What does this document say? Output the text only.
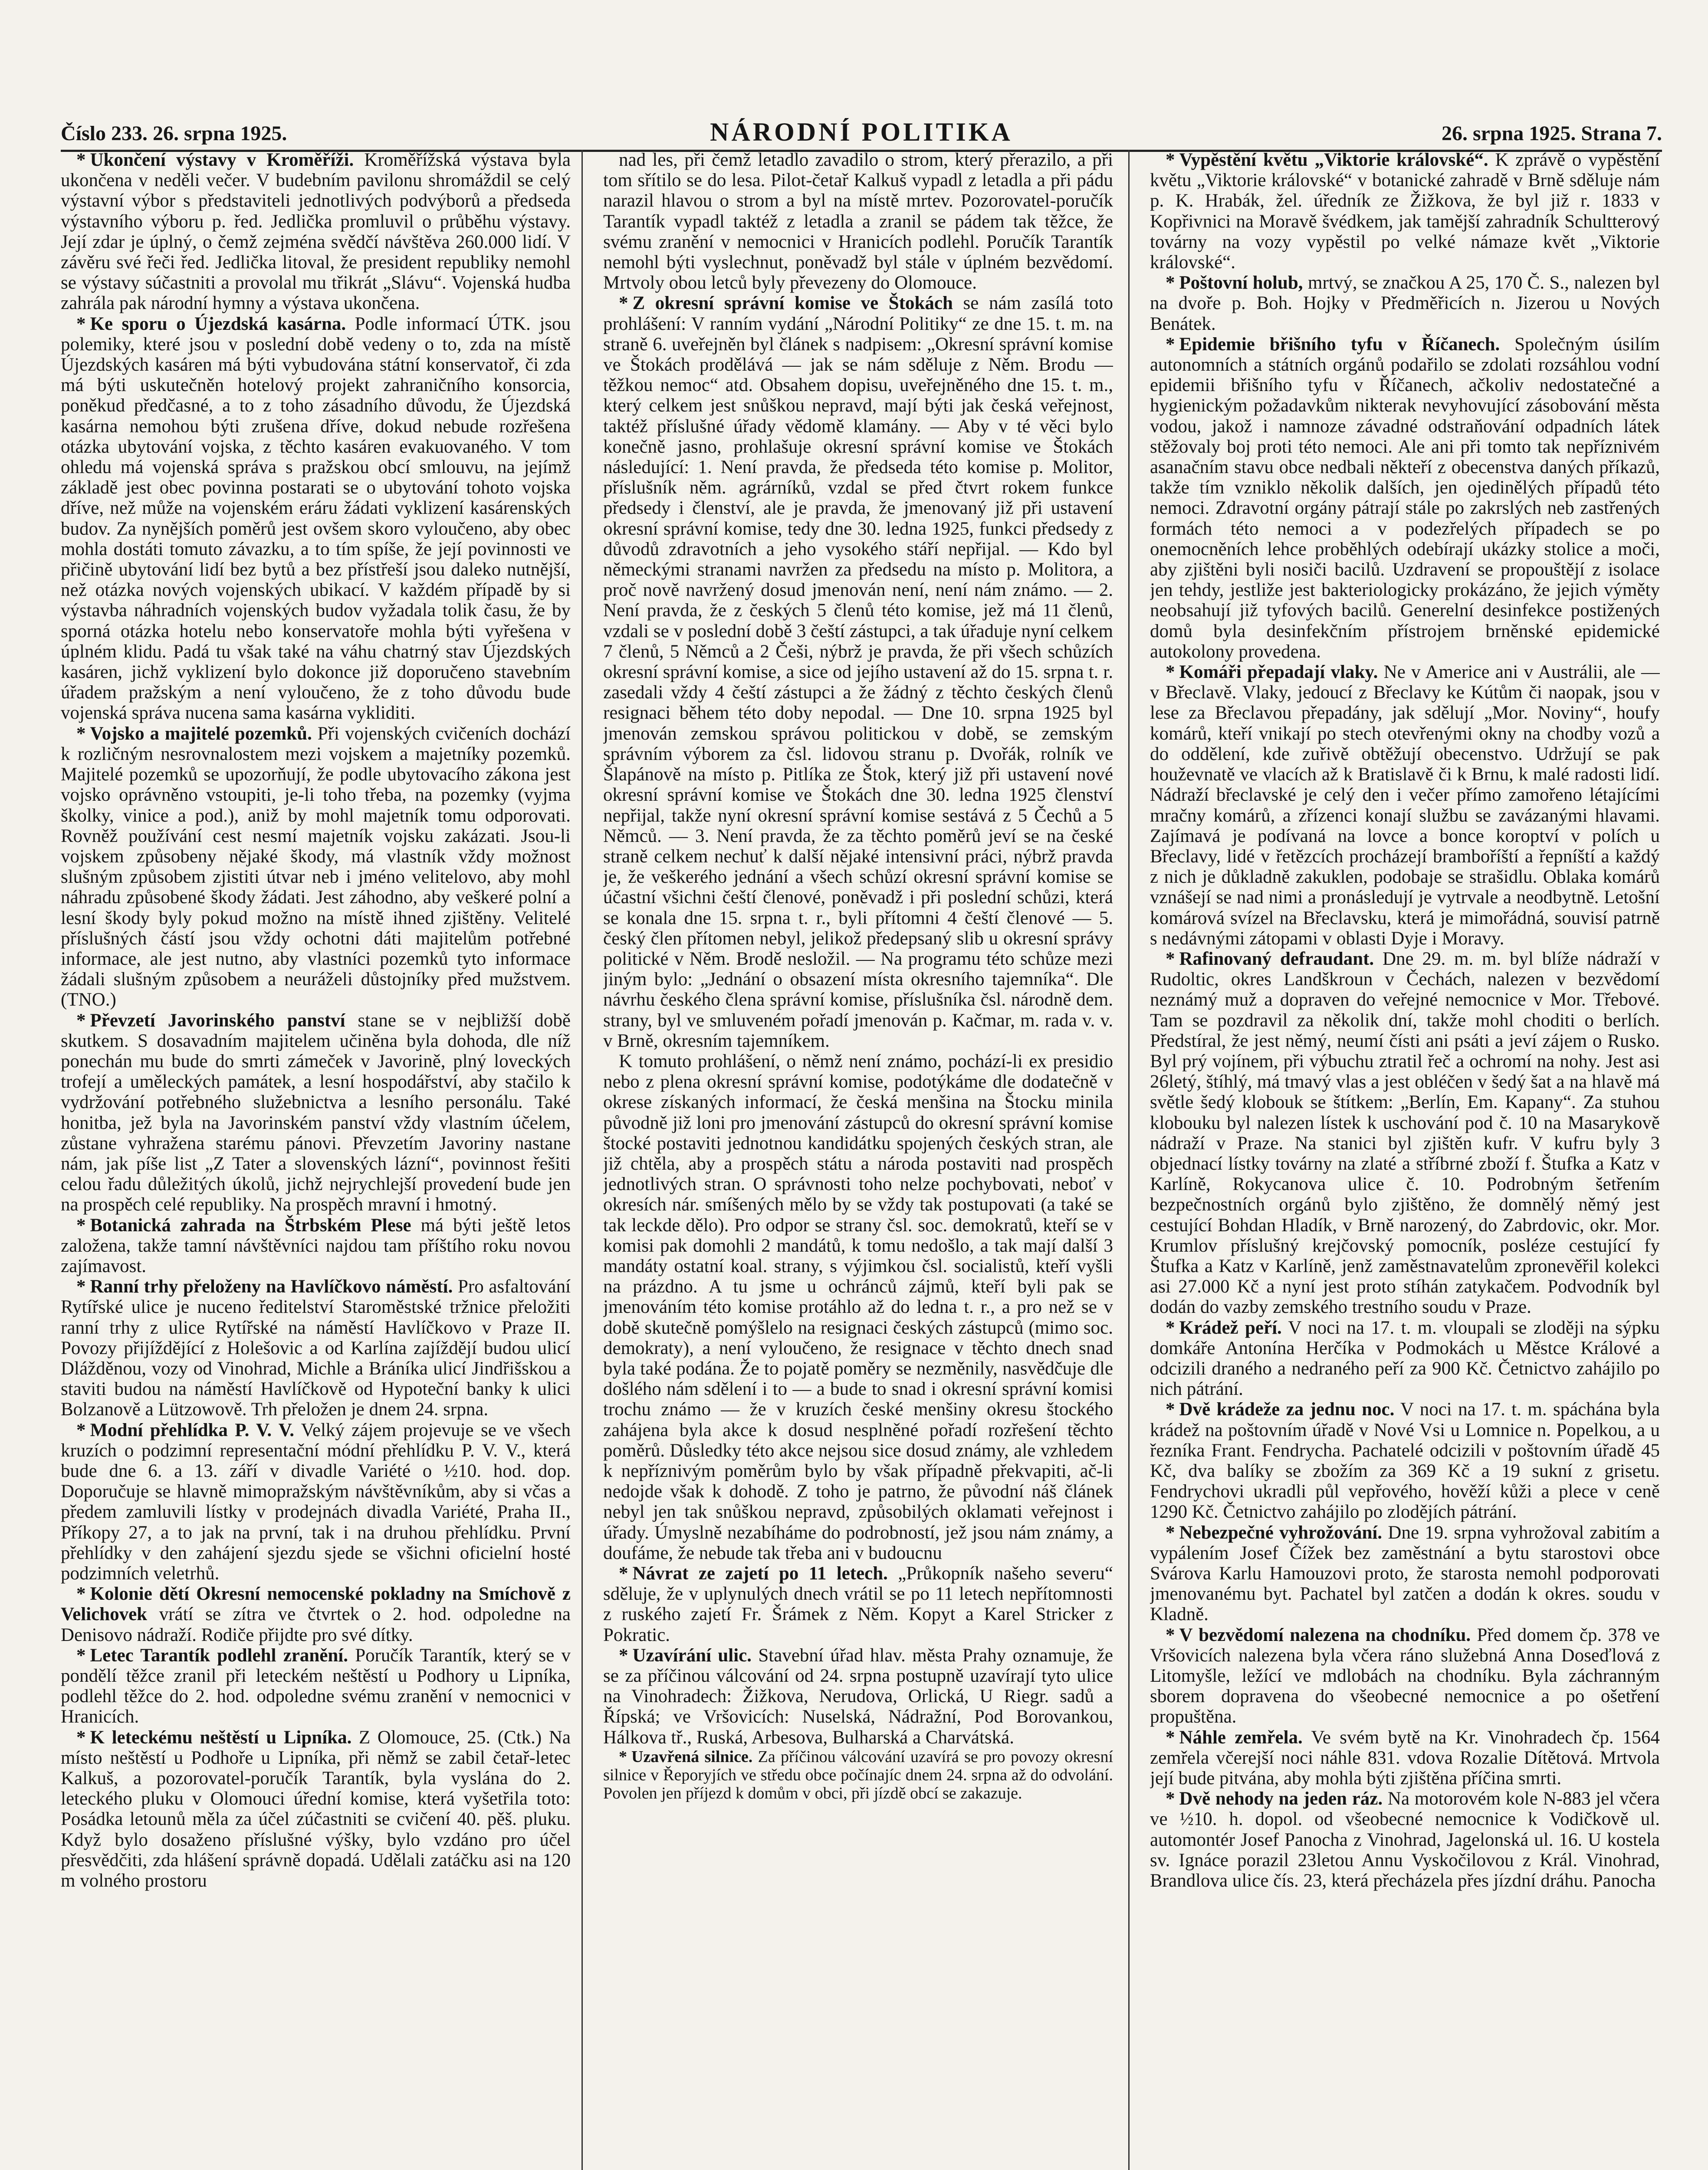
Číslo 233. 26. srpna 1925.	NÁRODNÍ POLITIKA	26. srpna 1925. Strana 7.

* Ukončení výstavy v Kroměříži. Kroměřížská výstava byla ukončena v neděli večer. V budebním pavilonu shromáždil se celý výstavní výbor s představiteli jednotlivých podvýborů a předseda výstavního výboru p. řed. Jedlička promluvil o průběhu výstavy. Její zdar je úplný, o čemž zejména svědčí návštěva 260.000 lidí. V závěru své řeči řed. Jedlička litoval, že president republiky nemohl se výstavy súčastniti a provolal mu třikrát „Slávu“. Vojenská hudba zahrála pak národní hymny a výstava ukončena.

* Ke sporu o Újezdská kasárna. Podle informací ÚTK. jsou polemiky, které jsou v poslední době vedeny o to, zda na místě Újezdských kasáren má býti vybudována státní konservatoř, či zda má býti uskutečněn hotelový projekt zahraničního konsorcia, poněkud předčasné, a to z toho zásadního důvodu, že Újezdská kasárna nemohou býti zrušena dříve, dokud nebude rozřešena otázka ubytování vojska, z těchto kasáren evakuovaného. V tom ohledu má vojenská správa s pražskou obcí smlouvu, na jejímž základě jest obec povinna postarati se o ubytování tohoto vojska dříve, než může na vojenském eráru žádati vyklizení kasárenských budov. Za nynějších poměrů jest ovšem skoro vyloučeno, aby obec mohla dostáti tomuto závazku, a to tím spíše, že její povinnosti ve přičině ubytování lidí bez bytů a bez přístřeší jsou daleko nutnější, než otázka nových vojenských ubikací. V každém případě by si výstavba náhradních vojenských budov vyžadala tolik času, že by sporná otázka hotelu nebo konservatoře mohla býti vyřešena v úplném klidu. Padá tu však také na váhu chatrný stav Újezdských kasáren, jichž vyklizení bylo dokonce již doporučeno stavebním úřadem pražským a není vyloučeno, že z toho důvodu bude vojenská správa nucena sama kasárna vykliditi.

* Vojsko a majitelé pozemků. Při vojenských cvičeních dochází k rozličným nesrovnalostem mezi vojskem a majetníky pozemků. Majitelé pozemků se upozorňují, že podle ubytovacího zákona jest vojsko oprávněno vstoupiti, je-li toho třeba, na pozemky (vyjma školky, vinice a pod.), aniž by mohl majetník tomu odporovati. Rovněž používání cest nesmí majetník vojsku zakázati. Jsou-li vojskem způsobeny nějaké škody, má vlastník vždy možnost slušným způsobem zjistiti útvar neb i jméno velitelovo, aby mohl náhradu způsobené škody žádati. Jest záhodno, aby veškeré polní a lesní škody byly pokud možno na místě ihned zjištěny. Velitelé příslušných částí jsou vždy ochotni dáti majitelům potřebné informace, ale jest nutno, aby vlastníci pozemků tyto informace žádali slušným způsobem a neuráželi důstojníky před mužstvem. (TNO.)

* Převzetí Javorinského panství stane se v nejbližší době skutkem. S dosavadním majitelem učiněna byla dohoda, dle níž ponechán mu bude do smrti zámeček v Javorině, plný loveckých trofejí a uměleckých památek, a lesní hospodářství, aby stačilo k vydržování potřebného služebnictva a lesního personálu. Také honitba, jež byla na Javorinském panství vždy vlastním účelem, zůstane vyhražena starému pánovi. Převzetím Javoriny nastane nám, jak píše list „Z Tater a slovenských lázní“, povinnost řešiti celou řadu důležitých úkolů, jichž nejrychlejší provedení bude jen na prospěch celé republiky. Na prospěch mravní i hmotný.

* Botanická zahrada na Štrbském Plese má býti ještě letos založena, takže tamní návštěvníci najdou tam příštího roku novou zajímavost.

* Ranní trhy přeloženy na Havlíčkovo náměstí. Pro asfaltování Rytířské ulice je nuceno ředitelství Staroměstské tržnice přeložiti ranní trhy z ulice Rytířské na náměstí Havlíčkovo v Praze II. Povozy přijíždějící z Holešovic a od Karlína zajíždějí budou ulicí Dlážděnou, vozy od Vinohrad, Michle a Bráníka ulicí Jindřišskou a staviti budou na náměstí Havlíčkově od Hypoteční banky k ulici Bolzanově a Lützowově. Trh přeložen je dnem 24. srpna.

* Modní přehlídka P. V. V. Velký zájem projevuje se ve všech kruzích o podzimní representační módní přehlídku P. V. V., která bude dne 6. a 13. září v divadle Variété o ½10. hod. dop. Doporučuje se hlavně mimopražským návštěvníkům, aby si včas a předem zamluvili lístky v prodejnách divadla Variété, Praha II., Příkopy 27, a to jak na první, tak i na druhou přehlídku. První přehlídky v den zahájení sjezdu sjede se všichni oficielní hosté podzimních veletrhů.

* Kolonie dětí Okresní nemocenské pokladny na Smíchově z Velichovek vrátí se zítra ve čtvrtek o 2. hod. odpoledne na Denisovo nádraží. Rodiče přijdte pro své dítky.

* Letec Tarantík podlehl zranění. Poručík Tarantík, který se v pondělí těžce zranil při leteckém neštěstí u Podhory u Lipníka, podlehl těžce do 2. hod. odpoledne svému zranění v nemocnici v Hranicích.

* K leteckému neštěstí u Lipníka. Z Olomouce, 25. (Ctk.) Na místo neštěstí u Podhoře u Lipníka, při němž se zabil četař-letec Kalkuš, a pozorovatel-poručík Tarantík, byla vyslána do 2. leteckého pluku v Olomouci úřední komise, která vyšetřila toto: Posádka letounů měla za účel zúčastniti se cvičení 40. pěš. pluku. Když bylo dosaženo příslušné výšky, bylo vzdáno pro účel přesvědčiti, zda hlášení správně dopadá. Udělali zatáčku asi na 120 m volného prostoru

nad les, při čemž letadlo zavadilo o strom, který přerazilo, a při tom sřítilo se do lesa. Pilot-četař Kalkuš vypadl z letadla a při pádu narazil hlavou o strom a byl na místě mrtev. Pozorovatel-poručík Tarantík vypadl taktéž z letadla a zranil se pádem tak těžce, že svému zranění v nemocnici v Hranicích podlehl. Poručík Tarantík nemohl býti vyslechnut, poněvadž byl stále v úplném bezvědomí. Mrtvoly obou letců byly převezeny do Olomouce.

* Z okresní správní komise ve Štokách se nám zasílá toto prohlášení: V ranním vydání „Národní Politiky“ ze dne 15. t. m. na straně 6. uveřejněn byl článek s nadpisem: „Okresní správní komise ve Štokách prodělává — jak se nám sděluje z Něm. Brodu — těžkou nemoc“ atd. Obsahem dopisu, uveřejněného dne 15. t. m., který celkem jest snůškou nepravd, mají býti jak česká veřejnost, taktéž příslušné úřady vědomě klamány. — Aby v té věci bylo konečně jasno, prohlašuje okresní správní komise ve Štokách následující: 1. Není pravda, že předseda této komise p. Molitor, příslušník něm. agrárníků, vzdal se před čtvrt rokem funkce předsedy i členství, ale je pravda, že jmenovaný již při ustavení okresní správní komise, tedy dne 30. ledna 1925, funkci předsedy z důvodů zdravotních a jeho vysokého stáří nepřijal. — Kdo byl německými stranami navržen za předsedu na místo p. Molitora, a proč nově navržený dosud jmenován není, není nám známo. — 2. Není pravda, že z českých 5 členů této komise, jež má 11 členů, vzdali se v poslední době 3 čeští zástupci, a tak úřaduje nyní celkem 7 členů, 5 Němců a 2 Češi, nýbrž je pravda, že při všech schůzích okresní správní komise, a sice od jejího ustavení až do 15. srpna t. r. zasedali vždy 4 čeští zástupci a že žádný z těchto českých členů resignaci během této doby nepodal. — Dne 10. srpna 1925 byl jmenován zemskou správou politickou v době, se zemským správním výborem za čsl. lidovou stranu p. Dvořák, rolník ve Šlapánově na místo p. Pitlíka ze Štok, který již při ustavení nové okresní správní komise ve Štokách dne 30. ledna 1925 členství nepřijal, takže nyní okresní správní komise sestává z 5 Čechů a 5 Němců. — 3. Není pravda, že za těchto poměrů jeví se na české straně celkem nechuť k další nějaké intensivní práci, nýbrž pravda je, že veškerého jednání a všech schůzí okresní správní komise se účastní všichni čeští členové, poněvadž i při poslední schůzi, která se konala dne 15. srpna t. r., byli přítomni 4 čeští členové — 5. český člen přítomen nebyl, jelikož předepsaný slib u okresní správy politické v Něm. Brodě nesložil. — Na programu této schůze mezi jiným bylo: „Jednání o obsazení místa okresního tajemníka“. Dle návrhu českého člena správní komise, příslušníka čsl. národně dem. strany, byl ve smluveném pořadí jmenován p. Kačmar, m. rada v. v. v Brně, okresním tajemníkem.

K tomuto prohlášení, o němž není známo, pochází-li ex presidio nebo z plena okresní správní komise, podotýkáme dle dodatečně v okrese získaných informací, že česká menšina na Štocku minila původně již loni pro jmenování zástupců do okresní správní komise štocké postaviti jednotnou kandidátku spojených českých stran, ale již chtěla, aby a prospěch státu a národa postaviti nad prospěch jednotlivých stran. O správnosti toho nelze pochybovati, neboť v okresích nár. smíšených mělo by se vždy tak postupovati (a také se tak leckde dělo). Pro odpor se strany čsl. soc. demokratů, kteří se v komisi pak domohli 2 mandátů, k tomu nedošlo, a tak mají další 3 mandáty ostatní koal. strany, s výjimkou čsl. socialistů, kteří vyšli na prázdno. A tu jsme u ochránců zájmů, kteří byli pak se jmenováním této komise protáhlo až do ledna t. r., a pro než se v době skutečně pomýšlelo na resignaci českých zástupců (mimo soc. demokraty), a není vyloučeno, že resignace v těchto dnech snad byla také podána. Že to pojatě poměry se nezměnily, nasvědčuje dle došlého nám sdělení i to — a bude to snad i okresní správní komisi trochu známo — že v kruzích české menšiny okresu štockého zahájena byla akce k dosud nesplněné pořadí rozřešení těchto poměrů. Důsledky této akce nejsou sice dosud známy, ale vzhledem k nepříznivým poměrům bylo by však případně překvapiti, ač-li nedojde však k dohodě. Z toho je patrno, že původní náš článek nebyl jen tak snůškou nepravd, způsobilých oklamati veřejnost i úřady. Úmyslně nezabíháme do podrobností, jež jsou nám známy, a doufáme, že nebude tak třeba ani v budoucnu

* Návrat ze zajetí po 11 letech. „Průkopník našeho severu“ sděluje, že v uplynulých dnech vrátil se po 11 letech nepřítomnosti z ruského zajetí Fr. Šrámek z Něm. Kopyt a Karel Stricker z Pokratic.

* Uzavírání ulic. Stavební úřad hlav. města Prahy oznamuje, že se za příčinou válcování od 24. srpna postupně uzavírají tyto ulice na Vinohradech: Žižkova, Nerudova, Orlická, U Riegr. sadů a Řípská; ve Vršovicích: Nuselská, Nádražní, Pod Borovankou, Hálkova tř., Ruská, Arbesova, Bulharská a Charvátská.

* Uzavřená silnice. Za příčinou válcování uzavírá se pro povozy okresní silnice v Řeporyjích ve středu obce počínajíc dnem 24. srpna až do odvolání. Povolen jen příjezd k domům v obci, při jízdě obcí se zakazuje.

* Vypěstění květu „Viktorie královské“. K zprávě o vypěstění květu „Viktorie královské“ v botanické zahradě v Brně sděluje nám p. K. Hrabák, žel. úředník ze Žižkova, že byl již r. 1833 v Kopřivnici na Moravě švédkem, jak tamější zahradník Schultterový továrny na vozy vypěstil po velké námaze květ „Viktorie královské“.

* Poštovní holub, mrtvý, se značkou A 25, 170 Č. S., nalezen byl na dvoře p. Boh. Hojky v Předměřicích n. Jizerou u Nových Benátek.

* Epidemie břišního tyfu v Říčanech. Společným úsilím autonomních a státních orgánů podařilo se zdolati rozsáhlou vodní epidemii břišního tyfu v Říčanech, ačkoliv nedostatečné a hygienickým požadavkům nikterak nevyhovující zásobování města vodou, jakož i namnoze závadné odstraňování odpadních látek stěžovaly boj proti této nemoci. Ale ani při tomto tak nepříznivém asanačním stavu obce nedbali někteří z obecenstva daných příkazů, takže tím vzniklo několik dalších, jen ojedinělých případů této nemoci. Zdravotní orgány pátrají stále po zakrslých neb zastřených formách této nemoci a v podezřelých případech se po onemocněních lehce proběhlých odebírají ukázky stolice a moči, aby zjištěni byli nosiči bacilů. Uzdravení se propouštějí z isolace jen tehdy, jestliže jest bakteriologicky prokázáno, že jejich výměty neobsahují již tyfových bacilů. Generelní desinfekce postižených domů byla desinfekčním přístrojem brněnské epidemické autokolony provedena.

* Komáři přepadají vlaky. Ne v Americe ani v Austrálii, ale — v Břeclavě. Vlaky, jedoucí z Břeclavy ke Kútům či naopak, jsou v lese za Břeclavou přepadány, jak sdělují „Mor. Noviny“, houfy komárů, kteří vnikají po stech otevřenými okny na chodby vozů a do oddělení, kde zuřivě obtěžují obecenstvo. Udržují se pak houževnatě ve vlacích až k Bratislavě či k Brnu, k malé radosti lidí. Nádraží břeclavské je celý den i večer přímo zamořeno létajícími mračny komárů, a zřízenci konají službu se zavázanými hlavami. Zajímavá je podívaná na lovce a bonce koroptví v polích u Břeclavy, lidé v řetězcích procházejí bramboříští a řepníští a každý z nich je důkladně zakuklen, podobaje se strašidlu. Oblaka komárů vznášejí se nad nimi a pronásledují je vytrvale a neodbytně. Letošní komárová svízel na Břeclavsku, která je mimořádná, souvisí patrně s nedávnými zátopami v oblasti Dyje i Moravy.

* Rafinovaný defraudant. Dne 29. m. m. byl blíže nádraží v Rudoltic, okres Landškroun v Čechách, nalezen v bezvědomí neznámý muž a dopraven do veřejné nemocnice v Mor. Třebové. Tam se pozdravil za několik dní, takže mohl choditi o berlích. Předstíral, že jest němý, neumí čísti ani psáti a jeví zájem o Rusko. Byl prý vojínem, při výbuchu ztratil řeč a ochromí na nohy. Jest asi 26letý, štíhlý, má tmavý vlas a jest obléčen v šedý šat a na hlavě má světle šedý klobouk se štítkem: „Berlín, Em. Kapany“. Za stuhou klobouku byl nalezen lístek k uschování pod č. 10 na Masarykově nádraží v Praze. Na stanici byl zjištěn kufr. V kufru byly 3 objednací lístky továrny na zlaté a stříbrné zboží f. Štufka a Katz v Karlíně, Rokycanova ulice č. 10. Podrobným šetřením bezpečnostních orgánů bylo zjištěno, že domnělý němý jest cestující Bohdan Hladík, v Brně narozený, do Zabrdovic, okr. Mor. Krumlov příslušný krejčovský pomocník, posléze cestující fy Štufka a Katz v Karlíně, jenž zaměstnavatelům zpronevěřil kolekci asi 27.000 Kč a nyní jest proto stíhán zatykačem. Podvodník byl dodán do vazby zemského trestního soudu v Praze.

* Krádež peří. V noci na 17. t. m. vloupali se zloději na sýpku domkáře Antonína Herčíka v Podmokách u Městce Králové a odcizili draného a nedraného peří za 900 Kč. Četnictvo zahájilo po nich pátrání.

* Dvě krádeže za jednu noc. V noci na 17. t. m. spáchána byla krádež na poštovním úřadě v Nové Vsi u Lomnice n. Popelkou, a u řezníka Frant. Fendrycha. Pachatelé odcizili v poštovním úřadě 45 Kč, dva balíky se zbožím za 369 Kč a 19 sukní z grisetu. Fendrychovi ukradli půl vepřového, hověží kůži a plece v ceně 1290 Kč. Četnictvo zahájilo po zlodějích pátrání.

* Nebezpečné vyhrožování. Dne 19. srpna vyhrožoval zabitím a vypálením Josef Čížek bez zaměstnání a bytu starostovi obce Svárova Karlu Hamouzovi proto, že starosta nemohl podporovati jmenovanému byt. Pachatel byl zatčen a dodán k okres. soudu v Kladně.

* V bezvědomí nalezena na chodníku. Před domem čp. 378 ve Vršovicích nalezena byla včera ráno služebná Anna Doseďlová z Litomyšle, ležící ve mdlobách na chodníku. Byla záchranným sborem dopravena do všeobecné nemocnice a po ošetření propuštěna.

* Náhle zemřela. Ve svém bytě na Kr. Vinohradech čp. 1564 zemřela včerejší noci náhle 831. vdova Rozalie Dítětová. Mrtvola její bude pitvána, aby mohla býti zjištěna příčina smrti.

* Dvě nehody na jeden ráz. Na motorovém kole N-883 jel včera ve ½10. h. dopol. od všeobecné nemocnice k Vodičkově ul. automontér Josef Panocha z Vinohrad, Jagelonská ul. 16. U kostela sv. Ignáce porazil 23letou Annu Vyskočilovou z Král. Vinohrad, Brandlova ulice čís. 23, která přecházela přes jízdní dráhu. Panocha
